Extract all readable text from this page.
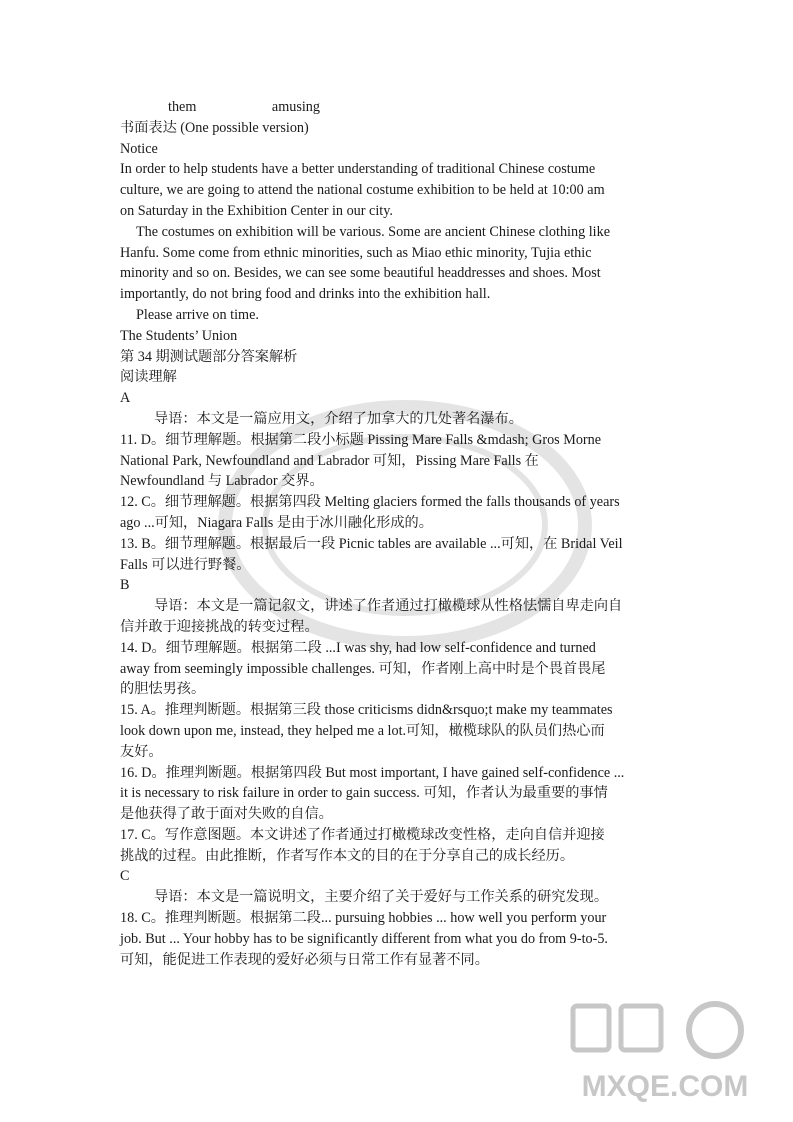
them	amusing
书面表达 (One possible version)
Notice
In order to help students have a better understanding of traditional Chinese costume
culture, we are going to attend the national costume exhibition to be held at 10:00 am
on Saturday in the Exhibition Center in our city.
The costumes on exhibition will be various. Some are ancient Chinese clothing like
Hanfu. Some come from ethnic minorities, such as Miao ethic minority, Tujia ethic
minority and so on. Besides, we can see some beautiful headdresses and shoes. Most
importantly, do not bring food and drinks into the exhibition hall.
Please arrive on time.
The Students’ Union
第 34 期测试题部分答案解析
阅读理解
A
导语：本文是一篇应用文，介绍了加拿大的几处著名瀑布。
11. D。细节理解题。根据第二段小标题 Pissing Mare Falls &mdash; Gros Morne
National Park, Newfoundland and Labrador 可知，Pissing Mare Falls 在
Newfoundland 与 Labrador 交界。
12. C。细节理解题。根据第四段 Melting glaciers formed the falls thousands of years
ago ...可知，Niagara Falls 是由于冰川融化形成的。
13. B。细节理解题。根据最后一段 Picnic tables are available ...可知，在 Bridal Veil
Falls 可以进行野餐。
B
导语：本文是一篇记叙文，讲述了作者通过打橄榄球从性格怯懦自卑走向自
信并敢于迎接挑战的转变过程。
14. D。细节理解题。根据第二段 ...I was shy, had low self-confidence and turned
away from seemingly impossible challenges. 可知，作者刚上高中时是个畏首畏尾
的胆怯男孩。
15. A。推理判断题。根据第三段 those criticisms didn&rsquo;t make my teammates
look down upon me, instead, they helped me a lot.可知，橄榄球队的队员们热心而
友好。
16. D。推理判断题。根据第四段 But most important, I have gained self-confidence ...
it is necessary to risk failure in order to gain success. 可知，作者认为最重要的事情
是他获得了敢于面对失败的自信。
17. C。写作意图题。本文讲述了作者通过打橄榄球改变性格，走向自信并迎接
挑战的过程。由此推断，作者写作本文的目的在于分享自己的成长经历。
C
导语：本文是一篇说明文，主要介绍了关于爱好与工作关系的研究发现。
18. C。推理判断题。根据第二段... pursuing hobbies ... how well you perform your
job. But ... Your hobby has to be significantly different from what you do from 9-to-5.
可知，能促进工作表现的爱好必须与日常工作有显著不同。
MXQE.COM
